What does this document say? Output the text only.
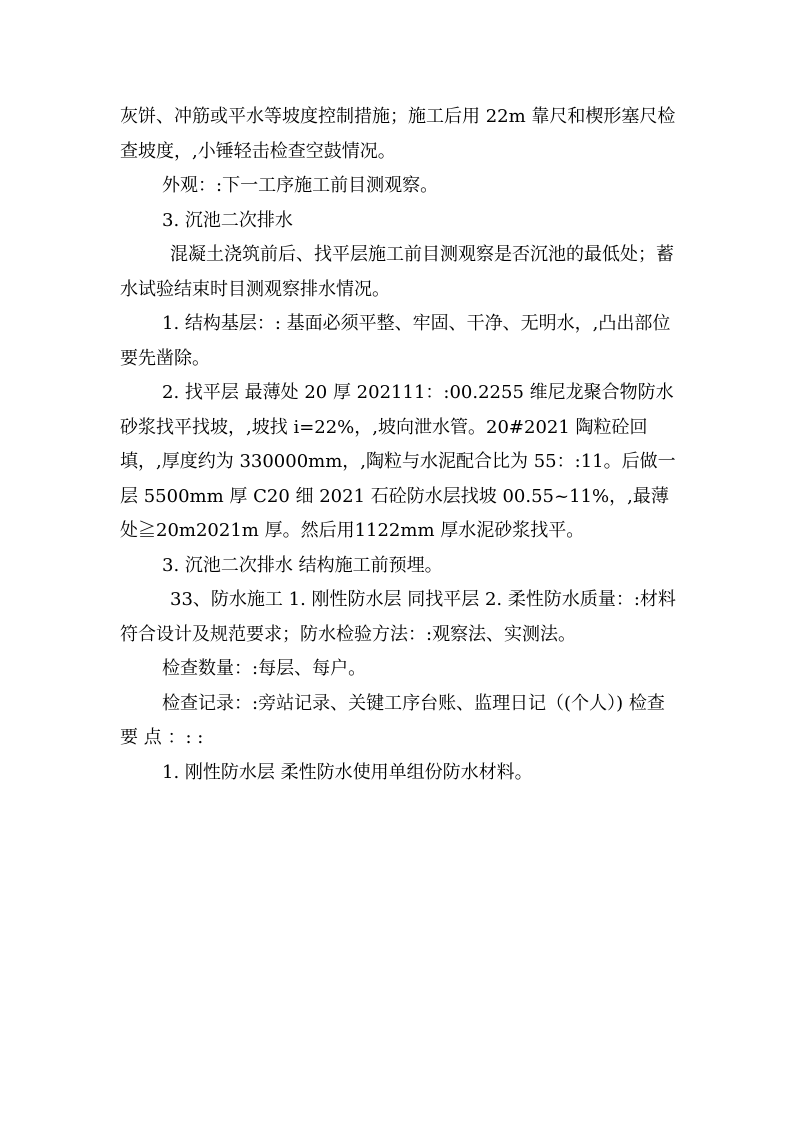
灰饼、冲筋或平水等坡度控制措施；施工后用 22m 靠尺和楔形塞尺检查坡度，,小锤轻击检查空鼓情况。

外观：:下一工序施工前目测观察。

3. 沉池二次排水

混凝土浇筑前后、找平层施工前目测观察是否沉池的最低处；蓄水试验结束时目测观察排水情况。

1. 结构基层：: 基面必须平整、牢固、干净、无明水，,凸出部位要先凿除。

2. 找平层 最薄处 20 厚 202111：:00.2255 维尼龙聚合物防水砂浆找平找坡，,坡找 i=22%，,坡向泄水管。20#2021 陶粒砼回填，,厚度约为 330000mm，,陶粒与水泥配合比为 55：:11。后做一层 5500mm 厚 C20 细 2021 石砼防水层找坡 00.55~11%，,最薄处≧20m2021m 厚。然后用1122mm 厚水泥砂浆找平。

3. 沉池二次排水 结构施工前预埋。

33、防水施工 1. 刚性防水层 同找平层 2. 柔性防水质量：:材料符合设计及规范要求；防水检验方法：:观察法、实测法。

检查数量：:每层、每户。

检查记录：:旁站记录、关键工序台账、监理日记（(个人）) 检查 要 点 ：: :

1. 刚性防水层 柔性防水使用单组份防水材料。
